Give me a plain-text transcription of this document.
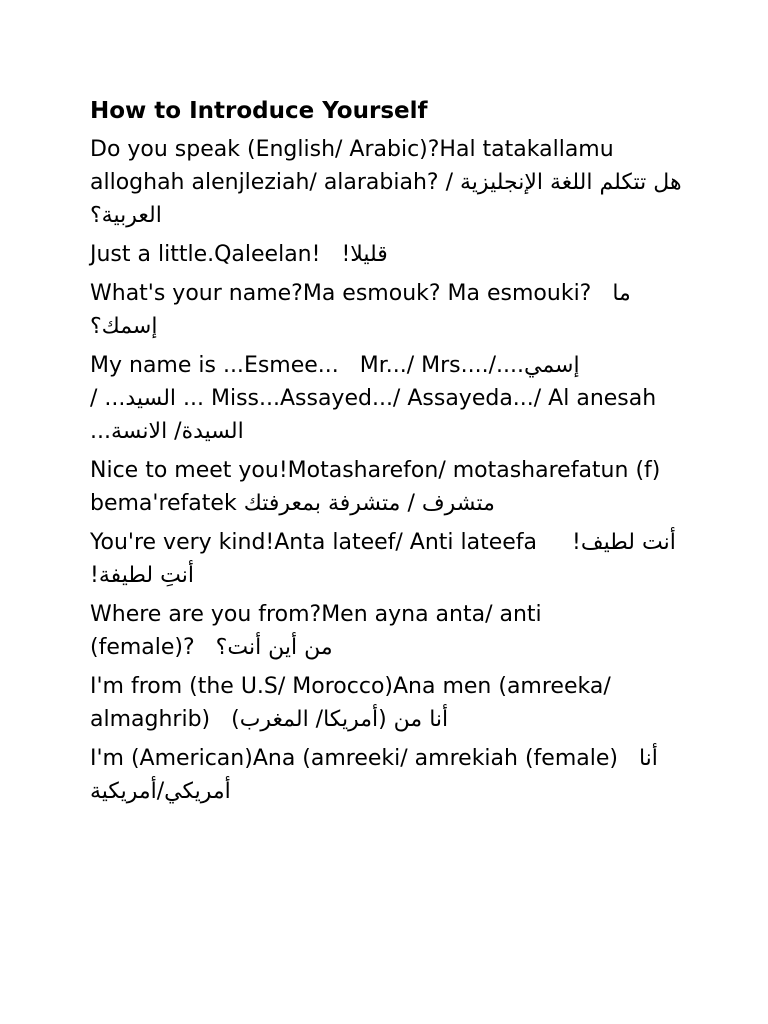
How to Introduce Yourself
Do you speak (English/ Arabic)?Hal tatakallamu alloghah alenjleziah/ alarabiah? هل تتكلم اللغة الإنجليزية /العربية؟
Just a little.Qaleelan! قليلا!
What's your name?Ma esmouk? Ma esmouki? ما إسمك؟
My name is ...Esmee... إسمي....Mr.../ Mrs..../ Miss...Assayed.../ Assayeda.../ Al anesah ... السيد... /السيدة/ الانسة...
Nice to meet you!Motasharefon/ motasharefatun (f) bema'refatek متشرف / متشرفة بمعرفتك
You're very kind!Anta lateef/ Anti lateefa أنت لطيف! أنتِ لطيفة!
Where are you from?Men ayna anta/ anti (female)? من أين أنت؟
I'm from (the U.S/ Morocco)Ana men (amreeka/ almaghrib) أنا من (أمريكا/ المغرب)
I'm (American)Ana (amreeki/ amrekiah (female) أنا أمريكي/أمريكية
